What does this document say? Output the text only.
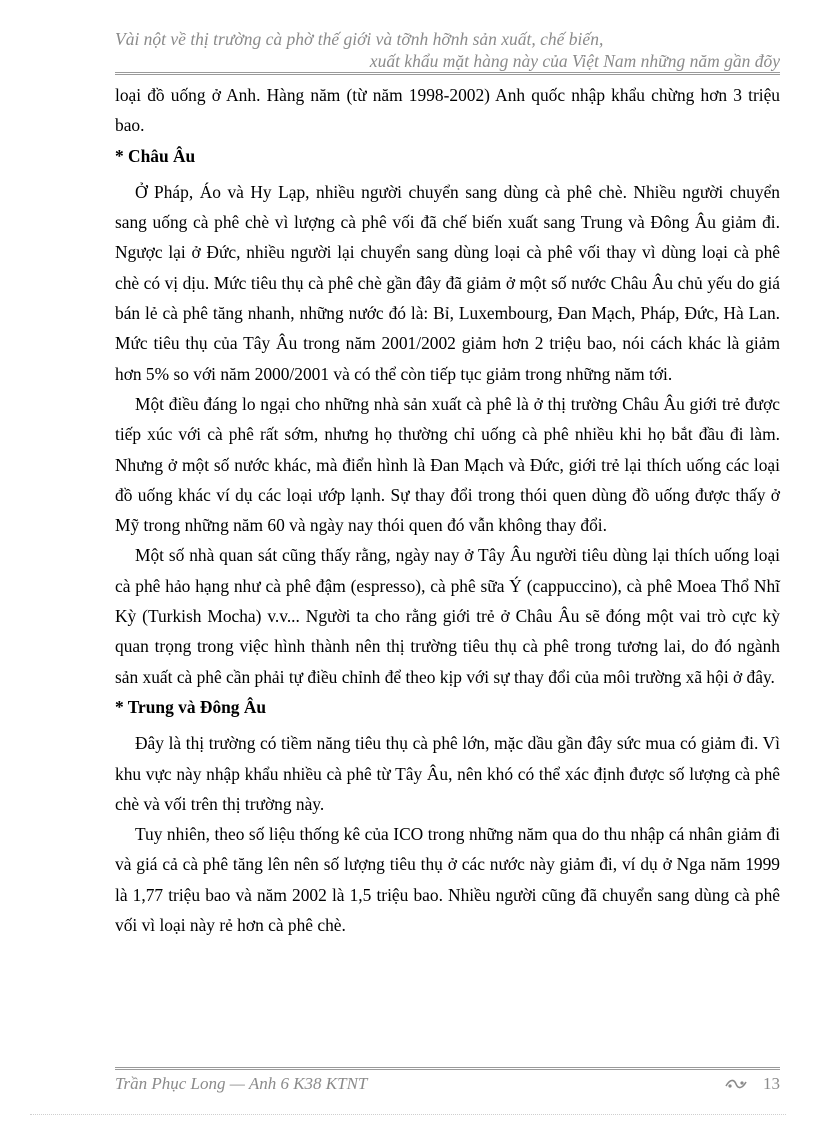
Vài nột về thị trường cà phờ thế giới và tỡnh hỡnh sản xuất, chế biến,
xuất khẩu mặt hàng này của Việt Nam những năm gần đõy

loại đồ uống ở Anh. Hàng năm (từ năm 1998-2002) Anh quốc nhập khẩu chừng hơn 3 triệu bao.

* Châu Âu

Ở Pháp, Áo và Hy Lạp, nhiều người chuyển sang dùng cà phê chè. Nhiều người chuyển sang uống cà phê chè vì lượng cà phê vối đã chế biến xuất sang Trung và Đông Âu giảm đi. Ngược lại ở Đức, nhiều người lại chuyển sang dùng loại cà phê vối thay vì dùng loại cà phê chè có vị dịu. Mức tiêu thụ cà phê chè gần đây đã giảm ở một số nước Châu Âu chủ yếu do giá bán lẻ cà phê tăng nhanh, những nước đó là: Bỉ, Luxembourg, Đan Mạch, Pháp, Đức, Hà Lan. Mức tiêu thụ của Tây Âu trong năm 2001/2002 giảm hơn 2 triệu bao, nói cách khác là giảm hơn 5% so với năm 2000/2001 và có thể còn tiếp tục giảm trong những năm tới.

Một điều đáng lo ngại cho những nhà sản xuất cà phê là ở thị trường Châu Âu giới trẻ được tiếp xúc với cà phê rất sớm, nhưng họ thường chỉ uống cà phê nhiều khi họ bắt đầu đi làm. Nhưng ở một số nước khác, mà điển hình là Đan Mạch và Đức, giới trẻ lại thích uống các loại đồ uống khác ví dụ các loại ướp lạnh. Sự thay đổi trong thói quen dùng đồ uống được thấy ở Mỹ trong những năm 60 và ngày nay thói quen đó vẫn không thay đổi.

Một số nhà quan sát cũng thấy rằng, ngày nay ở Tây Âu người tiêu dùng lại thích uống loại cà phê hảo hạng như cà phê đậm (espresso), cà phê sữa Ý (cappuccino), cà phê Moea Thổ Nhĩ Kỳ (Turkish Mocha) v.v... Người ta cho rằng giới trẻ ở Châu Âu sẽ đóng một vai trò cực kỳ quan trọng trong việc hình thành nên thị trường tiêu thụ cà phê trong tương lai, do đó ngành sản xuất cà phê cần phải tự điều chỉnh để theo kịp với sự thay đổi của môi trường xã hội ở đây.

* Trung và Đông Âu

Đây là thị trường có tiềm năng tiêu thụ cà phê lớn, mặc dầu gần đây sức mua có giảm đi. Vì khu vực này nhập khẩu nhiều cà phê từ Tây Âu, nên khó có thể xác định được số lượng cà phê chè và vối trên thị trường này.

Tuy nhiên, theo số liệu thống kê của ICO trong những năm qua do thu nhập cá nhân giảm đi và giá cả cà phê tăng lên nên số lượng tiêu thụ ở các nước này giảm đi, ví dụ ở Nga năm 1999 là 1,77 triệu bao và năm 2002 là 1,5 triệu bao. Nhiều người cũng đã chuyển sang dùng cà phê vối vì loại này rẻ hơn cà phê chè.

Trần Phục Long — Anh 6 K38 KTNT	13
